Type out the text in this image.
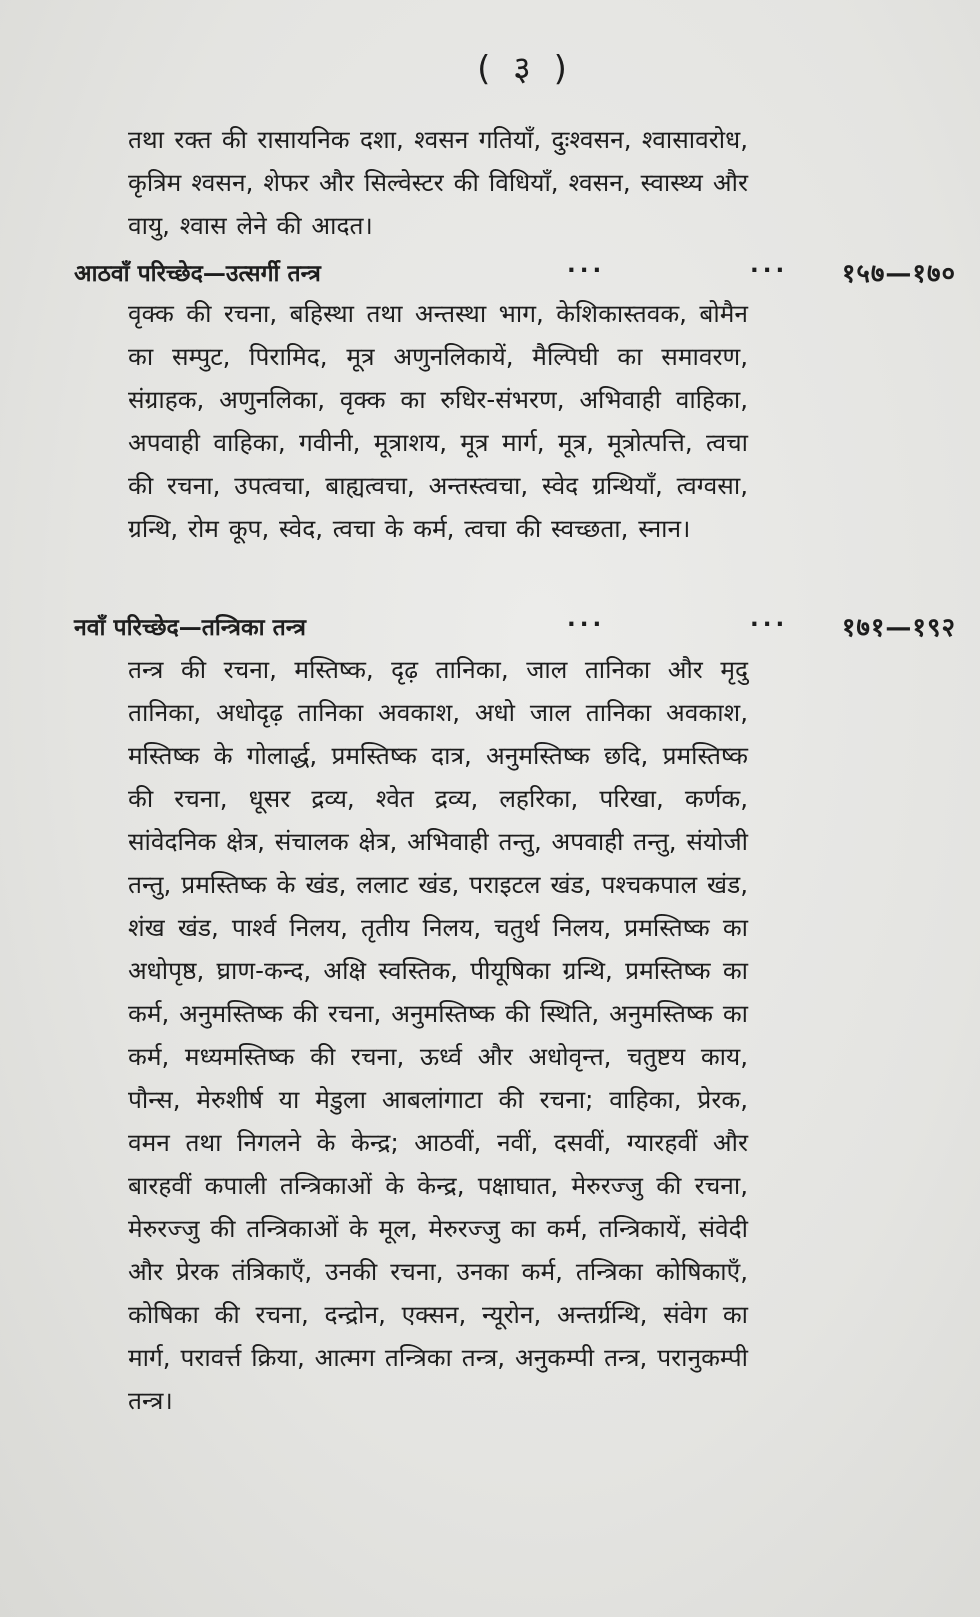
( ३ )
तथा रक्त की रासायनिक दशा, श्वसन गतियाँ, दुःश्वसन, श्वासावरोध, कृत्रिम श्वसन, शेफर और सिल्वेस्टर की विधियाँ, श्वसन, स्वास्थ्य और वायु, श्वास लेने की आदत।
आठवाँ परिच्छेद—उत्सर्गी तन्त्र	...	... १५७—१७०
वृक्क की रचना, बहिस्था तथा अन्तस्था भाग, केशिकास्तवक, बोमैन का सम्पुट, पिरामिद, मूत्र अणुनलिकायें, मैल्पिघी का समावरण, संग्राहक, अणुनलिका, वृक्क का रुधिर-संभरण, अभिवाही वाहिका, अपवाही वाहिका, गवीनी, मूत्राशय, मूत्र मार्ग, मूत्र, मूत्रोत्पत्ति, त्वचा की रचना, उपत्वचा, बाह्यत्वचा, अन्तस्त्वचा, स्वेद ग्रन्थियाँ, त्वग्वसा, ग्रन्थि, रोम कूप, स्वेद, त्वचा के कर्म, त्वचा की स्वच्छता, स्नान।
नवाँ परिच्छेद—तन्त्रिका तन्त्र	...	... १७१—१९२
तन्त्र की रचना, मस्तिष्क, दृढ़ तानिका, जाल तानिका और मृदु तानिका, अधोदृढ़ तानिका अवकाश, अधो जाल तानिका अवकाश, मस्तिष्क के गोलार्द्ध, प्रमस्तिष्क दात्र, अनुमस्तिष्क छदि, प्रमस्तिष्क की रचना, धूसर द्रव्य, श्वेत द्रव्य, लहरिका, परिखा, कर्णक, सांवेदनिक क्षेत्र, संचालक क्षेत्र, अभिवाही तन्तु, अपवाही तन्तु, संयोजी तन्तु, प्रमस्तिष्क के खंड, ललाट खंड, पराइटल खंड, पश्चकपाल खंड, शंख खंड, पार्श्व निलय, तृतीय निलय, चतुर्थ निलय, प्रमस्तिष्क का अधोपृष्ठ, घ्राण-कन्द, अक्षि स्वस्तिक, पीयूषिका ग्रन्थि, प्रमस्तिष्क का कर्म, अनुमस्तिष्क की रचना, अनुमस्तिष्क की स्थिति, अनुमस्तिष्क का कर्म, मध्यमस्तिष्क की रचना, ऊर्ध्व और अधोवृन्त, चतुष्टय काय, पौन्स, मेरुशीर्ष या मेडुला आबलांगाटा की रचना; वाहिका, प्रेरक, वमन तथा निगलने के केन्द्र; आठवीं, नवीं, दसवीं, ग्यारहवीं और बारहवीं कपाली तन्त्रिकाओं के केन्द्र, पक्षाघात, मेरुरज्जु की रचना, मेरुरज्जु की तन्त्रिकाओं के मूल, मेरुरज्जु का कर्म, तन्त्रिकायें, संवेदी और प्रेरक तंत्रिकाएँ, उनकी रचना, उनका कर्म, तन्त्रिका कोषिकाएँ, कोषिका की रचना, दन्द्रोन, एक्सन, न्यूरोन, अन्तर्ग्रन्थि, संवेग का मार्ग, परावर्त्त क्रिया, आत्मग तन्त्रिका तन्त्र, अनुकम्पी तन्त्र, परानुकम्पी तन्त्र।
